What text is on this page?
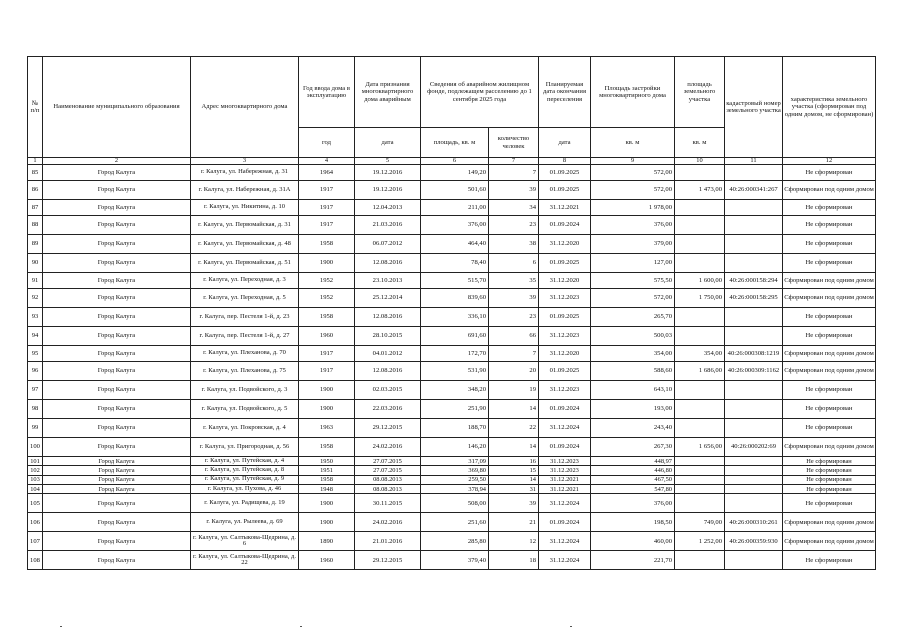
№ п/п	Наименование муниципального образования	Адрес многоквартирного дома	Год ввода дома в эксплуатацию	Дата признания многоквартирного дома аварийным	Сведения об аварийном жилищном фонде, подлежащем расселению до 1 сентября 2025 года		Планируемая дата окончания переселения	Площадь застройки многоквартирного дома	площадь земельного участка	кадастровый номер земельного участка	характеристика земельного участка (сформирован под одним домом, не сформирован)
			год	дата	площадь, кв. м	количество человек	дата	кв. м	кв. м		
1	2	3	4	5	6	7	8	9	10	11	12
85	Город Калуга	г. Калуга, ул. Набережная, д. 31	1964	19.12.2016	149,20	7	01.09.2025	572,00			Не сформирован
86	Город Калуга	г. Калуга, ул. Набережная, д. 31А	1917	19.12.2016	501,60	39	01.09.2025	572,00	1 473,00	40:26:000341:267	Сформирован под одним домом
87	Город Калуга	г. Калуга, ул. Никитина, д. 10	1917	12.04.2013	211,00	34	31.12.2021	1 978,00			Не сформирован
88	Город Калуга	г. Калуга, ул. Первомайская, д. 31	1917	21.03.2016	376,00	23	01.09.2024	376,00			Не сформирован
89	Город Калуга	г. Калуга, ул. Первомайская, д. 48	1958	06.07.2012	464,40	38	31.12.2020	379,00			Не сформирован
90	Город Калуга	г. Калуга, ул. Первомайская, д. 51	1900	12.08.2016	78,40	6	01.09.2025	127,00			Не сформирован
91	Город Калуга	г. Калуга, ул. Переходная, д. 3	1952	23.10.2013	515,70	35	31.12.2020	575,50	1 600,00	40:26:000158:294	Сформирован под одним домом
92	Город Калуга	г. Калуга, ул. Переходная, д. 5	1952	25.12.2014	839,60	39	31.12.2023	572,00	1 750,00	40:26:000158:295	Сформирован под одним домом
93	Город Калуга	г. Калуга, пер. Пестеля 1-й, д. 23	1958	12.08.2016	336,10	23	01.09.2025	265,70			Не сформирован
94	Город Калуга	г. Калуга, пер. Пестеля 1-й, д. 27	1960	28.10.2015	691,60	66	31.12.2023	500,03			Не сформирован
95	Город Калуга	г. Калуга, ул. Плеханова, д. 70	1917	04.01.2012	172,70	7	31.12.2020	354,00	354,00	40:26:000308:1219	Сформирован под одним домом
96	Город Калуга	г. Калуга, ул. Плеханова, д. 75	1917	12.08.2016	531,90	20	01.09.2025	588,60	1 686,00	40:26:000309:1162	Сформирован под одним домом
97	Город Калуга	г. Калуга, ул. Подвойского, д. 3	1900	02.03.2015	348,20	19	31.12.2023	643,10			Не сформирован
98	Город Калуга	г. Калуга, ул. Подвойского, д. 5	1900	22.03.2016	251,90	14	01.09.2024	193,00			Не сформирован
99	Город Калуга	г. Калуга, ул. Покровская, д. 4	1963	29.12.2015	188,70	22	31.12.2024	243,40			Не сформирован
100	Город Калуга	г. Калуга, ул. Пригородная, д. 56	1958	24.02.2016	146,20	14	01.09.2024	267,30	1 656,00	40:26:000202:69	Сформирован под одним домом
101	Город Калуга	г. Калуга, ул. Путейская, д. 4	1950	27.07.2015	317,09	16	31.12.2023	448,97			Не сформирован
102	Город Калуга	г. Калуга, ул. Путейская, д. 8	1951	27.07.2015	369,80	15	31.12.2023	446,80			Не сформирован
103	Город Калуга	г. Калуга, ул. Путейская, д. 9	1958	08.08.2013	259,50	14	31.12.2021	467,50			Не сформирован
104	Город Калуга	г. Калуга, ул. Пухова, д. 46	1948	08.08.2013	378,94	31	31.12.2021	547,80			Не сформирован
105	Город Калуга	г. Калуга, ул. Радищева, д. 19	1900	30.11.2015	508,00	39	31.12.2024	376,00			Не сформирован
106	Город Калуга	г. Калуга, ул. Рылеева, д. 69	1900	24.02.2016	251,60	21	01.09.2024	198,50	749,00	40:26:000310:261	Сформирован под одним домом
107	Город Калуга	г. Калуга, ул. Салтыкова-Щедрина, д. 6	1890	21.01.2016	285,80	12	31.12.2024	460,00	1 252,00	40:26:000359:930	Сформирован под одним домом
108	Город Калуга	г. Калуга, ул. Салтыкова-Щедрина, д. 22	1960	29.12.2015	379,40	18	31.12.2024	221,70			Не сформирован
